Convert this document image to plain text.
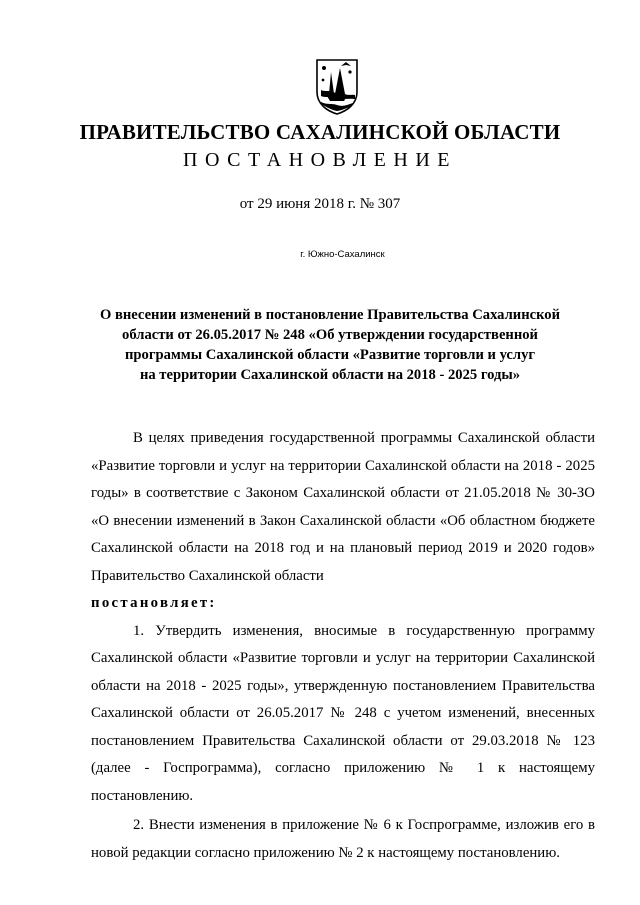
ПРАВИТЕЛЬСТВО САХАЛИНСКОЙ ОБЛАСТИ
ПОСТАНОВЛЕНИЕ
от 29 июня 2018 г. № 307
г. Южно-Сахалинск
О внесении изменений в постановление Правительства Сахалинской
области от 26.05.2017 № 248 «Об утверждении государственной
программы Сахалинской области «Развитие торговли и услуг
на территории Сахалинской области на 2018 - 2025 годы»

В целях приведения государственной программы Сахалинской области «Развитие торговли и услуг на территории Сахалинской области на 2018 - 2025 годы» в соответствие с Законом Сахалинской области от 21.05.2018 № 30-ЗО «О внесении изменений в Закон Сахалинской области «Об областном бюджете Сахалинской области на 2018 год и на плановый период 2019 и 2020 годов» Правительство Сахалинской области

постановляет:

1. Утвердить изменения, вносимые в государственную программу Сахалинской области «Развитие торговли и услуг на территории Сахалинской области на 2018 - 2025 годы», утвержденную постановлением Правительства Сахалинской области от 26.05.2017 № 248 с учетом изменений, внесенных постановлением Правительства Сахалинской области от 29.03.2018 № 123 (далее - Госпрограмма), согласно приложению № 1 к настоящему постановлению.

2. Внести изменения в приложение № 6 к Госпрограмме, изложив его в новой редакции согласно приложению № 2 к настоящему постановлению.
